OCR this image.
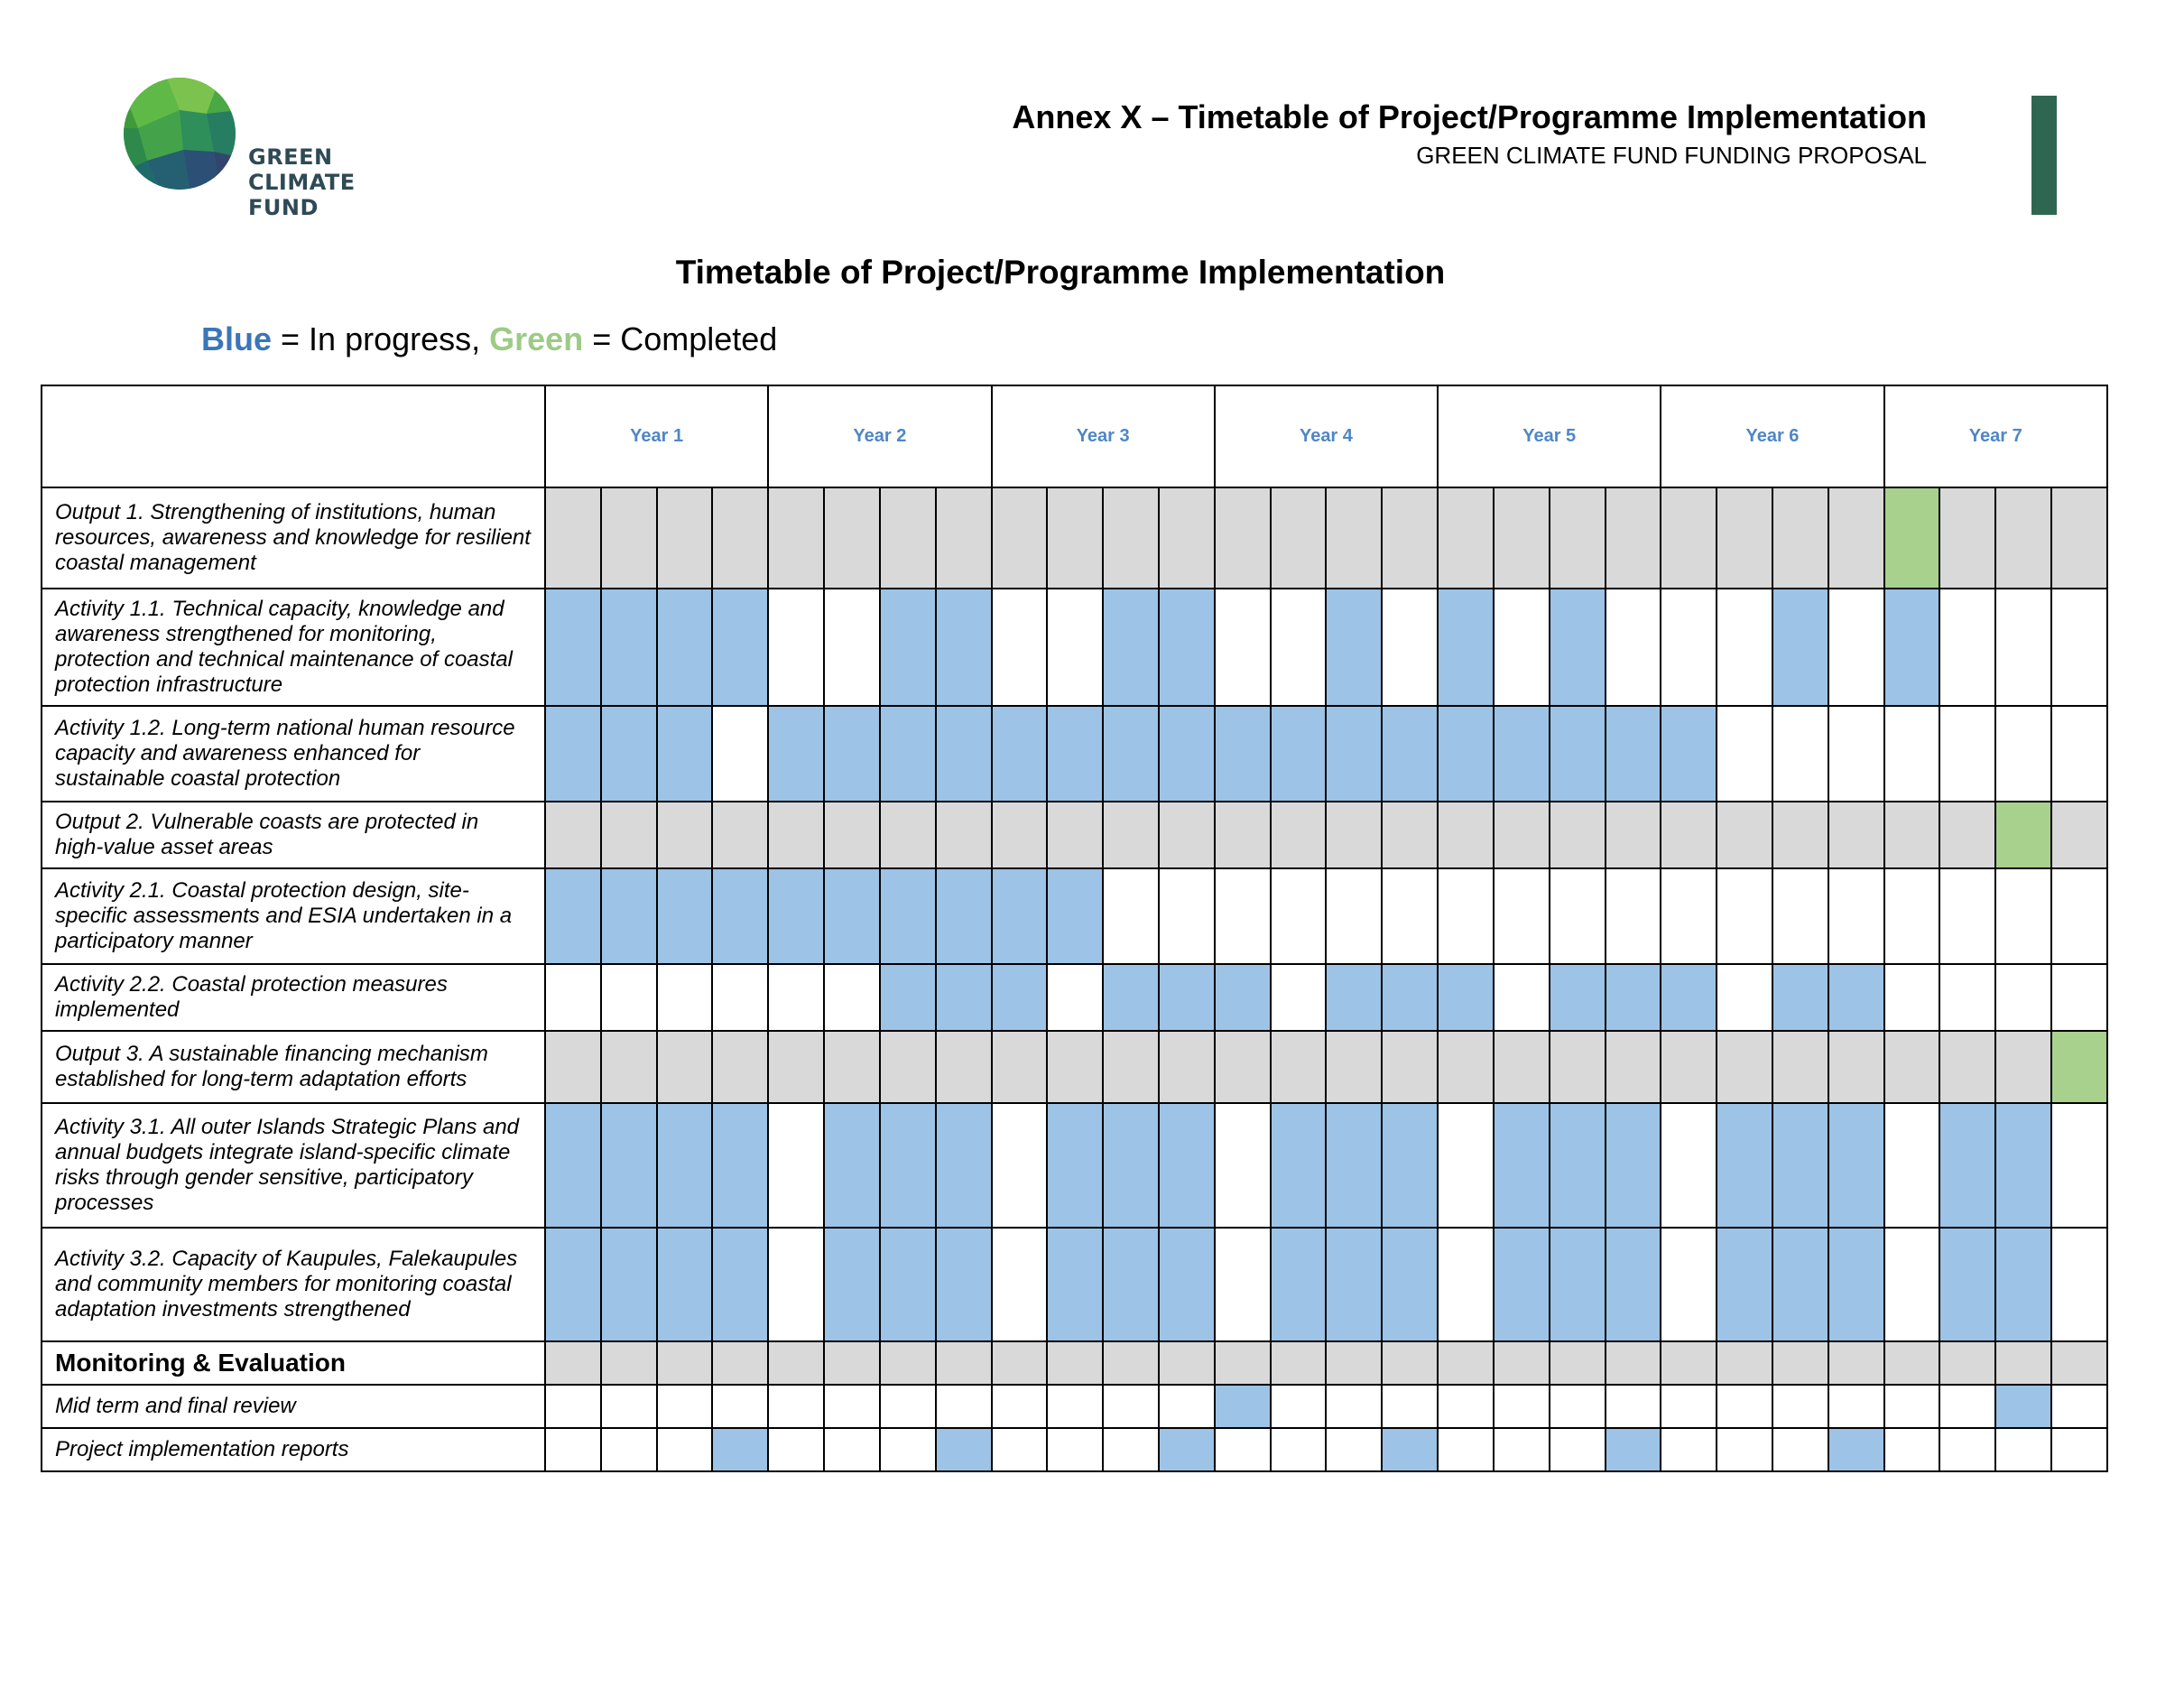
GREEN
CLIMATE
FUND
Annex X – Timetable of Project/Programme Implementation
GREEN CLIMATE FUND FUNDING PROPOSAL
Timetable of Project/Programme Implementation
Blue = In progress, Green = Completed
	Year 1				Year 2				Year 3				Year 4				Year 5				Year 6				Year 7			
Output 1. Strengthening of institutions, human resources, awareness and knowledge for resilient coastal management																												
Activity 1.1. Technical capacity, knowledge and awareness strengthened for monitoring, protection and technical maintenance of coastal protection infrastructure																												
Activity 1.2. Long-term national human resource capacity and awareness enhanced for sustainable coastal protection																												
Output 2. Vulnerable coasts are protected in high-value asset areas																												
Activity 2.1. Coastal protection design, site-specific assessments and ESIA undertaken in a participatory manner																												
Activity 2.2. Coastal protection measures implemented																												
Output 3. A sustainable financing mechanism established for long-term adaptation efforts																												
Activity 3.1. All outer Islands Strategic Plans and annual budgets integrate island-specific climate risks through gender sensitive, participatory processes																												
Activity 3.2. Capacity of Kaupules, Falekaupules and community members for monitoring coastal adaptation investments strengthened																												
Monitoring & Evaluation																												
Mid term and final review																												
Project implementation reports																												
